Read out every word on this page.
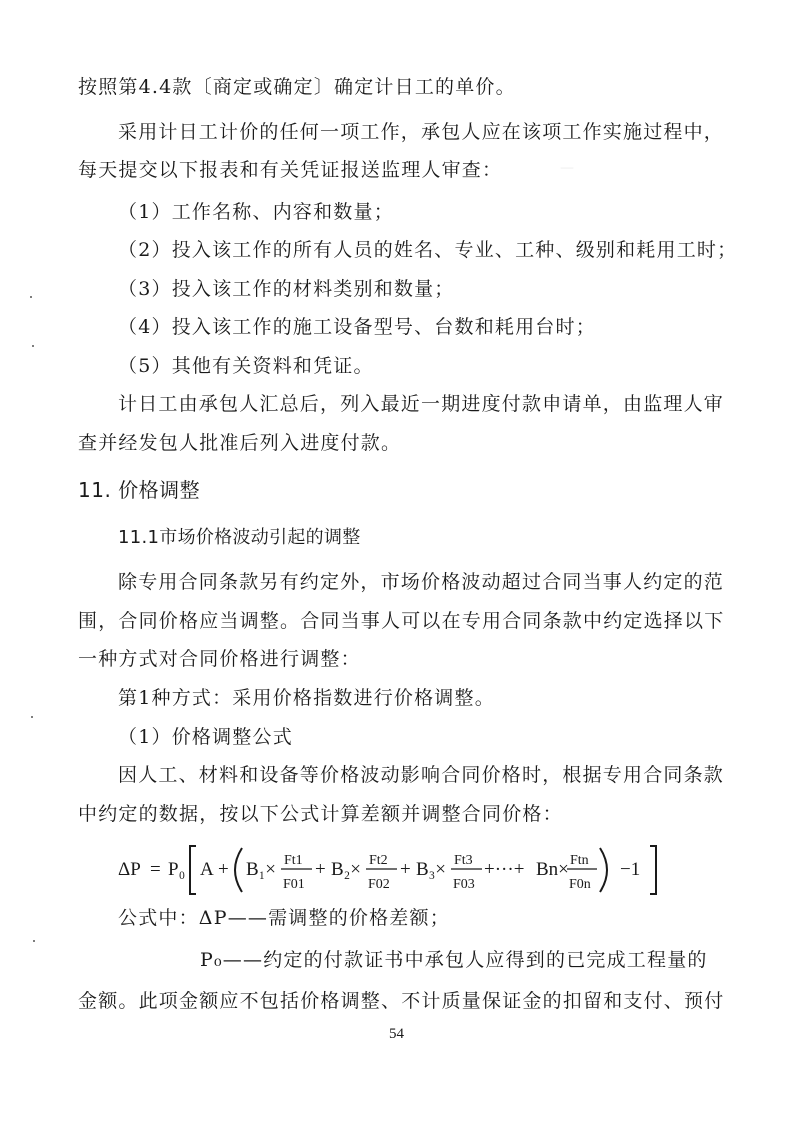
—
按照第4.4款〔商定或确定〕确定计日工的单价。
采用计日工计价的任何一项工作，承包人应在该项工作实施过程中，
每天提交以下报表和有关凭证报送监理人审查：
（1）工作名称、内容和数量；
（2）投入该工作的所有人员的姓名、专业、工种、级别和耗用工时；
（3）投入该工作的材料类别和数量；
（4）投入该工作的施工设备型号、台数和耗用台时；
（5）其他有关资料和凭证。
计日工由承包人汇总后，列入最近一期进度付款申请单，由监理人审
查并经发包人批准后列入进度付款。
11. 价格调整
11.1市场价格波动引起的调整
除专用合同条款另有约定外，市场价格波动超过合同当事人约定的范
围，合同价格应当调整。合同当事人可以在专用合同条款中约定选择以下
一种方式对合同价格进行调整：
第1种方式：采用价格指数进行价格调整。
（1）价格调整公式
因人工、材料和设备等价格波动影响合同价格时，根据专用合同条款
中约定的数据，按以下公式计算差额并调整合同价格：
ΔP = P₀ A + B₁× Ft1
F01
+ B₂× Ft2
F02
+ B₃× Ft3
F03
+···+ Bn× Ftn
F0n
−1
公式中：ΔP——需调整的价格差额；
P₀——约定的付款证书中承包人应得到的已完成工程量的
金额。此项金额应不包括价格调整、不计质量保证金的扣留和支付、预付
54
